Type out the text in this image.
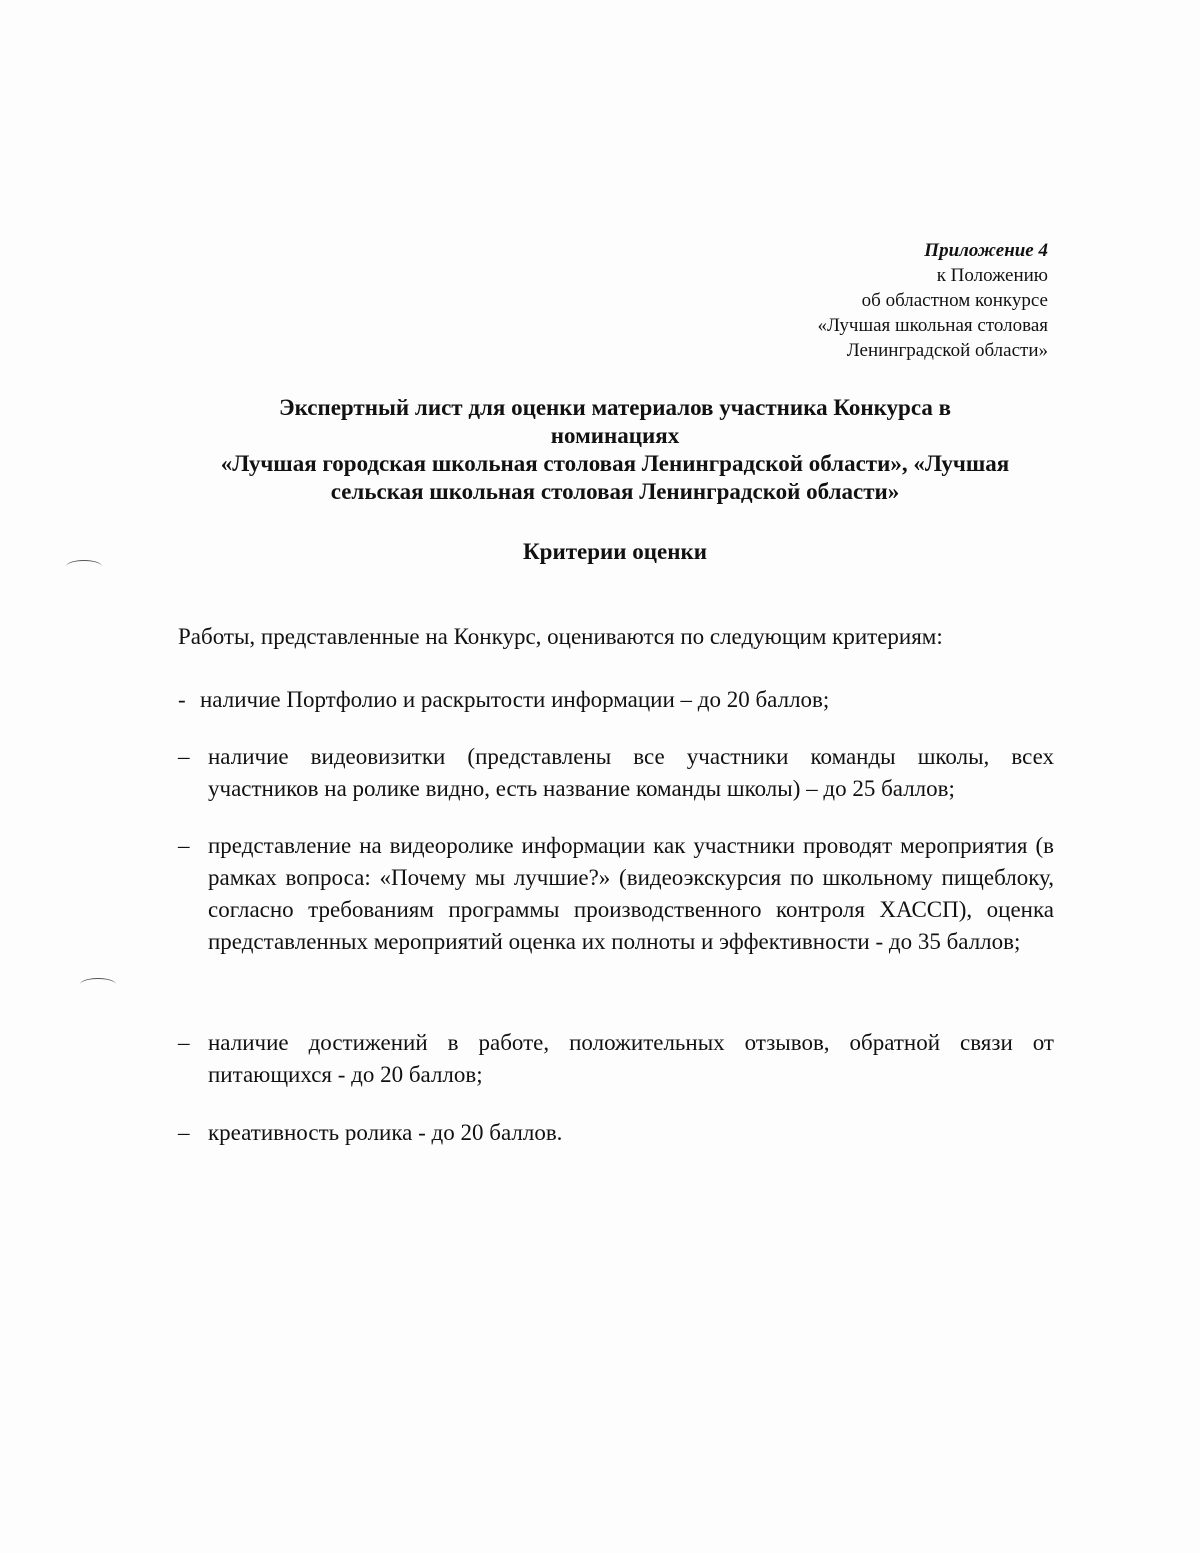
Приложение 4
к Положению
об областном конкурсе
«Лучшая школьная столовая
Ленинградской области»
Экспертный лист для оценки материалов участника Конкурса в
номинациях
«Лучшая городская школьная столовая Ленинградской области», «Лучшая
сельская школьная столовая Ленинградской области»
Критерии оценки
Работы, представленные на Конкурс, оцениваются по следующим критериям:
- наличие Портфолио и раскрытости информации – до 20 баллов;
– наличие видеовизитки (представлены все участники команды школы, всех участников на ролике видно, есть название команды школы) – до 25 баллов;
– представление на видеоролике информации как участники проводят мероприятия (в рамках вопроса: «Почему мы лучшие?» (видеоэкскурсия по школьному пищеблоку, согласно требованиям программы производственного контроля ХАССП), оценка представленных мероприятий оценка их полноты и эффективности - до 35 баллов;
– наличие достижений в работе, положительных отзывов, обратной связи от питающихся - до 20 баллов;
– креативность ролика - до 20 баллов.
